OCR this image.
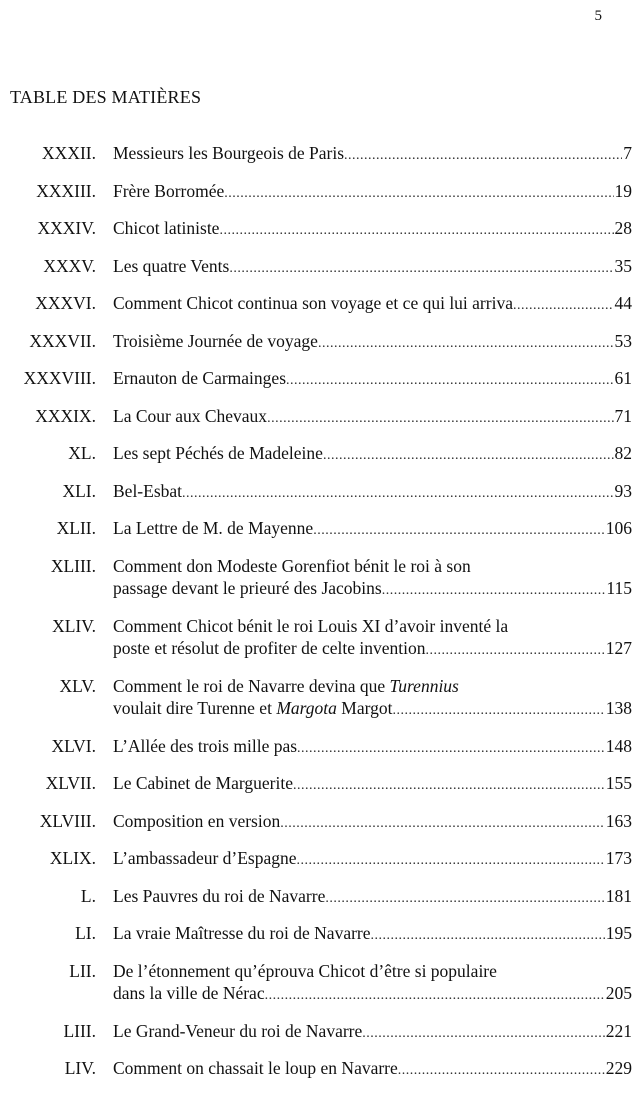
5
TABLE DES MATIÈRES
XXXII. Messieurs les Bourgeois de Paris .....	7
XXXIII. Frère Borromée .....	19
XXXIV. Chicot latiniste .....	28
XXXV. Les quatre Vents .....	35
XXXVI. Comment Chicot continua son voyage et ce qui lui arriva .....	44
XXXVII. Troisième Journée de voyage .....	53
XXXVIII. Ernauton de Carmainges .....	61
XXXIX. La Cour aux Chevaux .....	71
XL. Les sept Péchés de Madeleine .....	82
XLI. Bel-Esbat .....	93
XLII. La Lettre de M. de Mayenne .....	106
XLIII. Comment don Modeste Gorenfiot bénit le roi à son
passage devant le prieuré des Jacobins .....	115
XLIV. Comment Chicot bénit le roi Louis XI d’avoir inventé la
poste et résolut de profiter de celte invention .....	127
XLV. Comment le roi de Navarre devina que Turennius
voulait dire Turenne et Margota Margot .....	138
XLVI. L’Allée des trois mille pas .....	148
XLVII. Le Cabinet de Marguerite .....	155
XLVIII. Composition en version .....	163
XLIX. L’ambassadeur d’Espagne .....	173
L. Les Pauvres du roi de Navarre .....	181
LI. La vraie Maîtresse du roi de Navarre .....	195
LII. De l’étonnement qu’éprouva Chicot d’être si populaire
dans la ville de Nérac .....	205
LIII. Le Grand-Veneur du roi de Navarre .....	221
LIV. Comment on chassait le loup en Navarre .....	229
